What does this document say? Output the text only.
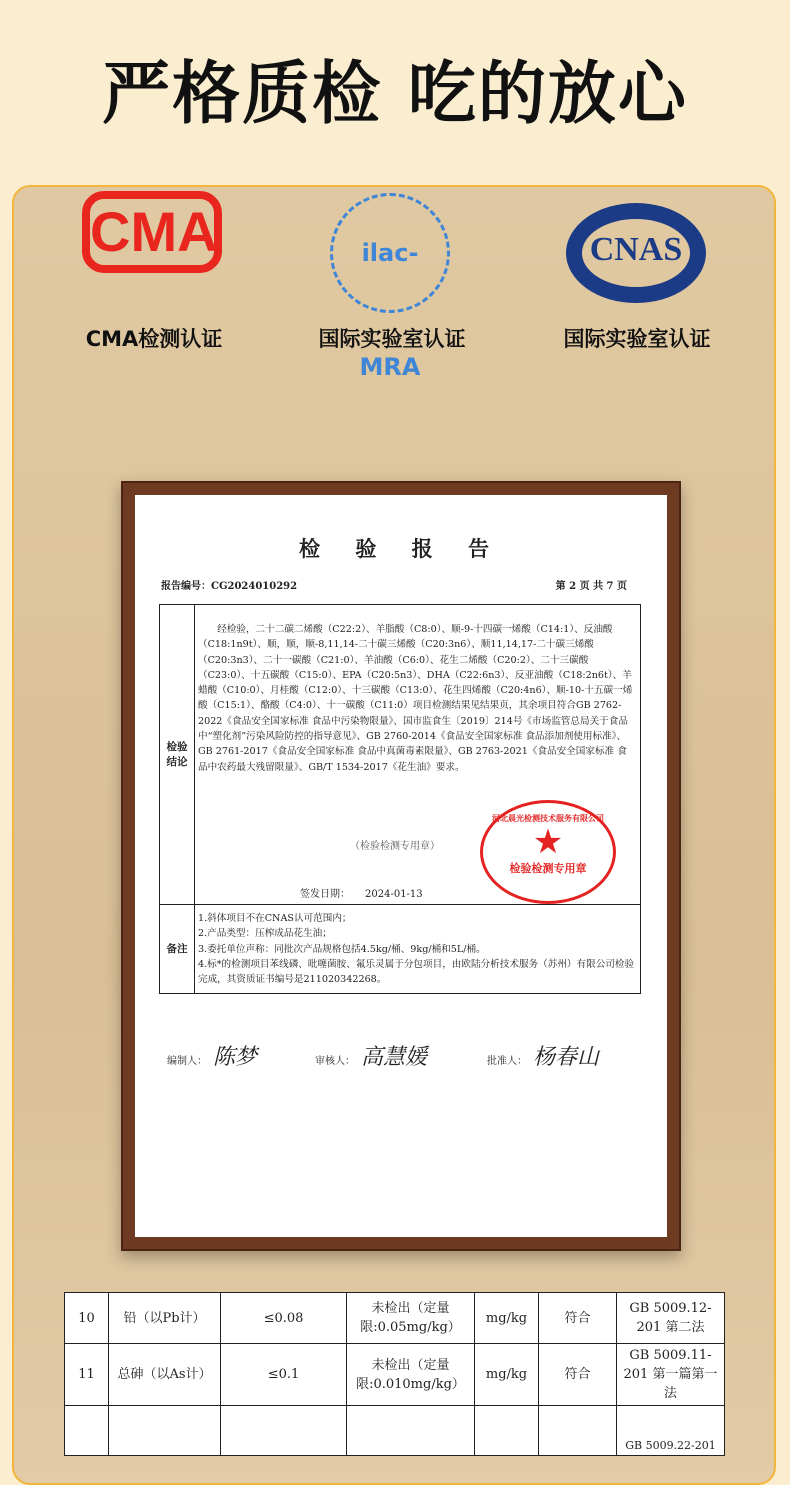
严格质检 吃的放心
CMA	ilac-MRA
CNAS
CMA检测认证	国际实验室认证	国际实验室认证
检 验 报 告
报告编号：CG2024010292	第 2 页 共 7 页
检验结论
经检验，二十二碳二烯酸（C22:2）、羊脂酸（C8:0）、顺-9-十四碳一烯酸（C14:1）、反油酸（C18:1n9t）、顺，顺，顺-8,11,14-二十碳三烯酸（C20:3n6）、顺11,14,17-二十碳三烯酸（C20:3n3）、二十一碳酸（C21:0）、羊油酸（C6:0）、花生二烯酸（C20:2）、二十三碳酸（C23:0）、十五碳酸（C15:0）、EPA（C20:5n3）、DHA（C22:6n3）、反亚油酸（C18:2n6t）、羊蜡酸（C10:0）、月桂酸（C12:0）、十三碳酸（C13:0）、花生四烯酸（C20:4n6）、顺-10-十五碳一烯酸（C15:1）、酪酸（C4:0）、十一碳酸（C11:0）项目检测结果见结果页，其余项目符合GB 2762-2022《食品安全国家标准 食品中污染物限量》、国市监食生〔2019〕214号《市场监管总局关于食品中“塑化剂”污染风险防控的指导意见》、GB 2760-2014《食品安全国家标准 食品添加剂使用标准》、GB 2761-2017《食品安全国家标准 食品中真菌毒素限量》、GB 2763-2021《食品安全国家标准 食品中农药最大残留限量》、GB/T 1534-2017《花生油》要求。
（检验检测专用章）
签发日期：　　2024-01-13
河北晨光检测技术服务有限公司
★
检验检测专用章
备注
1.斜体项目不在CNAS认可范围内；
2.产品类型：压榨成品花生油；
3.委托单位声称：同批次产品规格包括4.5kg/桶、9kg/桶和5L/桶。
4.标*的检测项目苯线磷、吡噻菌胺、氟乐灵属于分包项目，由欧陆分析技术服务（苏州）有限公司检验完成，其资质证书编号是211020342268。
编制人： 陈梦	审核人： 高慧媛	批准人： 杨春山
10	铅（以Pb计）	≤0.08	未检出（定量限:0.05mg/kg）	mg/kg	符合	GB 5009.12-201 第二法
11	总砷（以As计）	≤0.1	未检出（定量限:0.010mg/kg）	mg/kg	符合	GB 5009.11-201 第一篇第一法
						GB 5009.22-201
